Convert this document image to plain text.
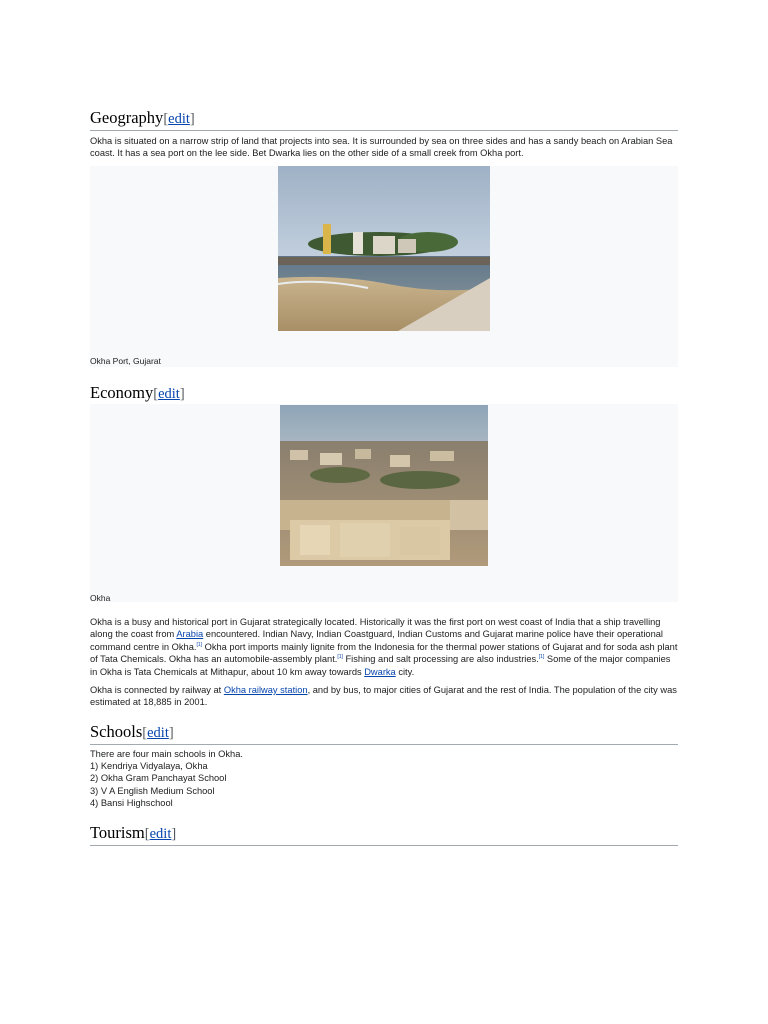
Geography[edit]

Okha is situated on a narrow strip of land that projects into sea. It is surrounded by sea on three sides and has a sandy beach on Arabian Sea coast. It has a sea port on the lee side. Bet Dwarka lies on the other side of a small creek from Okha port.

Okha Port, Gujarat
Economy[edit]
Okha

Okha is a busy and historical port in Gujarat strategically located. Historically it was the first port on west coast of India that a ship travelling along the coast from Arabia encountered. Indian Navy, Indian Coastguard, Indian Customs and Gujarat marine police have their operational command centre in Okha.[1] Okha port imports mainly lignite from the Indonesia for the thermal power stations of Gujarat and for soda ash plant of Tata Chemicals. Okha has an automobile-assembly plant.[1] Fishing and salt processing are also industries.[1] Some of the major companies in Okha is Tata Chemicals at Mithapur, about 10 km away towards Dwarka city.

Okha is connected by railway at Okha railway station, and by bus, to major cities of Gujarat and the rest of India. The population of the city was estimated at 18,885 in 2001.

Schools[edit]
There are four main schools in Okha.
1) Kendriya Vidyalaya, Okha
2) Okha Gram Panchayat School
3) V A English Medium School
4) Bansi Highschool
Tourism[edit]
